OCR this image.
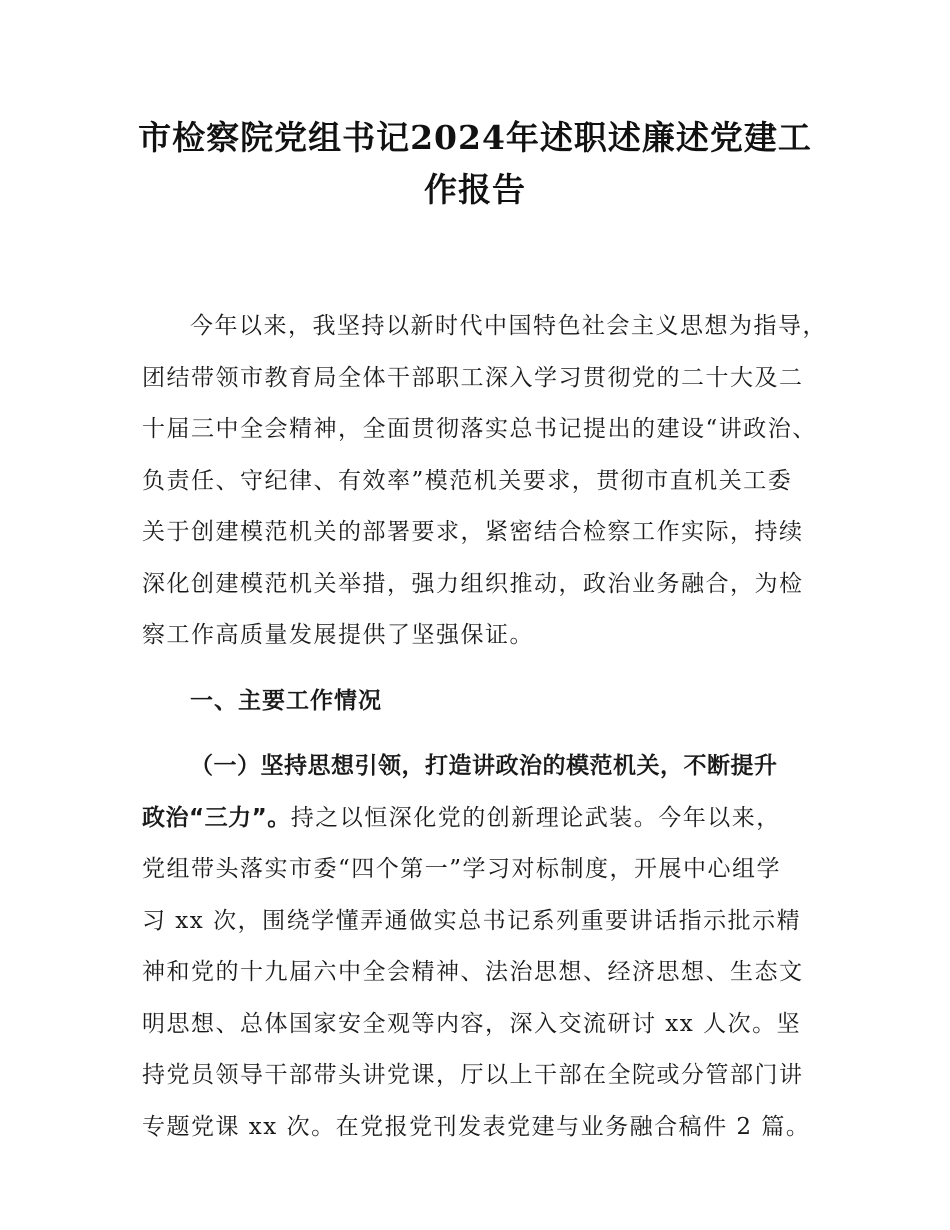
市检察院党组书记2024年述职述廉述党建工
作报告
今年以来，我坚持以新时代中国特色社会主义思想为指导，
团结带领市教育局全体干部职工深入学习贯彻党的二十大及二
十届三中全会精神，全面贯彻落实总书记提出的建设“讲政治、
负责任、守纪律、有效率”模范机关要求，贯彻市直机关工委
关于创建模范机关的部署要求，紧密结合检察工作实际，持续
深化创建模范机关举措，强力组织推动，政治业务融合，为检
察工作高质量发展提供了坚强保证。
一、主要工作情况
（一）坚持思想引领，打造讲政治的模范机关，不断提升
政治“三力”。持之以恒深化党的创新理论武装。今年以来，
党组带头落实市委“四个第一”学习对标制度，开展中心组学
习 xx 次，围绕学懂弄通做实总书记系列重要讲话指示批示精
神和党的十九届六中全会精神、法治思想、经济思想、生态文
明思想、总体国家安全观等内容，深入交流研讨 xx 人次。坚
持党员领导干部带头讲党课，厅以上干部在全院或分管部门讲
专题党课 xx 次。在党报党刊发表党建与业务融合稿件 2 篇。
